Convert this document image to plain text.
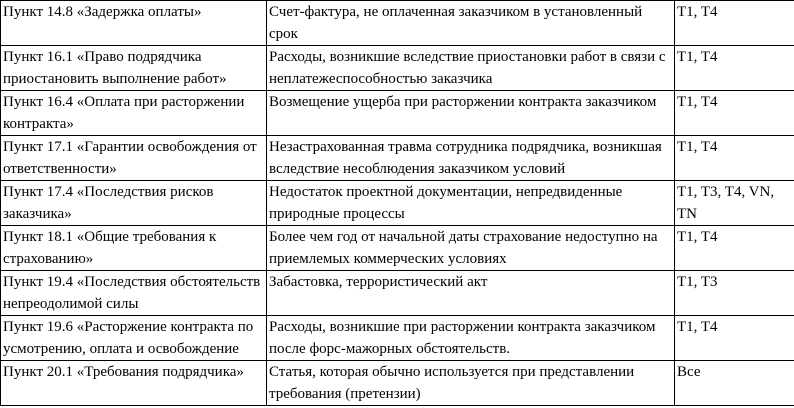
Пункт 14.8 «Задержка оплаты»	Счет-фактура, не оплаченная заказчиком в установленный срок	T1, T4

Пункт 16.1 «Право подрядчика приостановить выполнение работ»	Расходы, возникшие вследствие приостановки работ в связи с неплатежеспособностью заказчика	T1, T4

Пункт 16.4 «Оплата при расторжении контракта»	Возмещение ущерба при расторжении контракта заказчиком	T1, T4

Пункт 17.1 «Гарантии освобождения от ответственности»	Незастрахованная травма сотрудника подрядчика, возникшая вследствие несоблюдения заказчиком условий	T1, T4

Пункт 17.4 «Последствия рисков заказчика»	Недостаток проектной документации, непредвиденные природные процессы	T1, T3, T4, VN, TN

Пункт 18.1 «Общие требования к страхованию»	Более чем год от начальной даты страхование недоступно на приемлемых коммерческих условиях	T1, T4

Пункт 19.4 «Последствия обстоятельств непреодолимой силы	Забастовка, террористический акт	T1, T3

Пункт 19.6 «Расторжение контракта по усмотрению, оплата и освобождение	Расходы, возникшие при расторжении контракта заказчиком после форс-мажорных обстоятельств.	T1, T4

Пункт 20.1 «Требования подрядчика»	Статья, которая обычно используется при представлении требования (претензии)	Все
